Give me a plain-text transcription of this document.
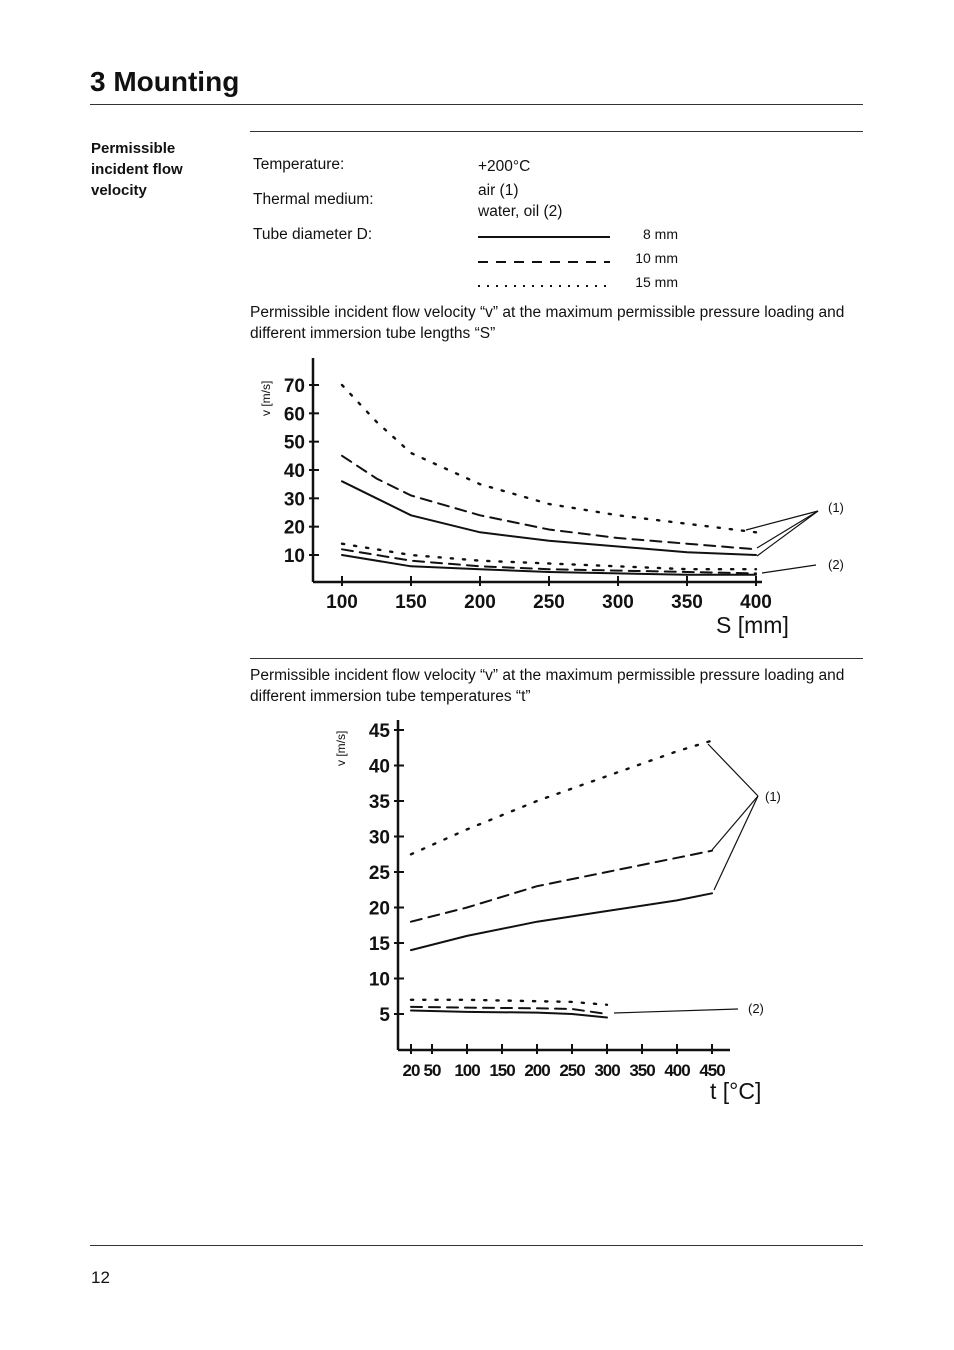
3 Mounting
Permissible incident flow velocity
Temperature:	+200°C
Thermal medium:
air (1)
water, oil (2)
Tube diameter D:	8 mm
10 mm
15 mm
Permissible incident flow velocity “v” at the maximum permissible pressure loading and different immersion tube lengths “S”
v [m/s]
S [mm]
(1)
(2)
100 150 200 250 300 350 400
10
20
30
40
50
60
70
Permissible incident flow velocity “v” at the maximum permissible pressure loading and different immersion tube temperatures “t”
v [m/s]
t [°C]
(1)
(2)
20 50 100 150 200 250 300 350 400 450
5
10
15
20
25
30
35
40
45
12
